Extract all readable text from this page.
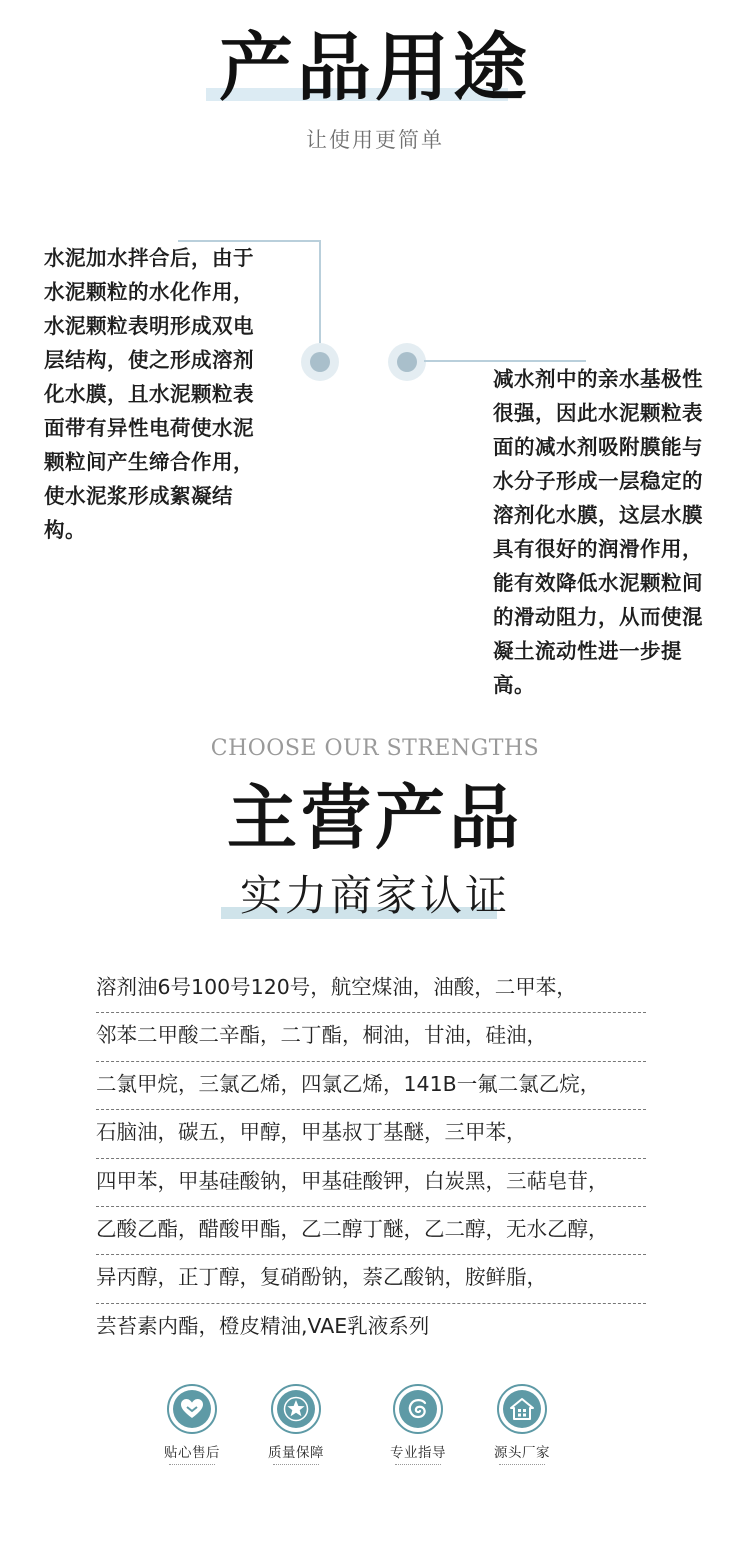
产品用途
让使用更简单
水泥加水拌合后，由于水泥颗粒的水化作用，水泥颗粒表明形成双电层结构，使之形成溶剂化水膜，且水泥颗粒表面带有异性电荷使水泥颗粒间产生缔合作用，使水泥浆形成絮凝结构。
减水剂中的亲水基极性很强，因此水泥颗粒表面的减水剂吸附膜能与水分子形成一层稳定的溶剂化水膜，这层水膜具有很好的润滑作用，能有效降低水泥颗粒间的滑动阻力，从而使混凝土流动性进一步提高。
CHOOSE OUR STRENGTHS
主营产品
实力商家认证
溶剂油6号100号120号，航空煤油，油酸，二甲苯，
邻苯二甲酸二辛酯，二丁酯，桐油，甘油，硅油，
二氯甲烷，三氯乙烯，四氯乙烯，141B一氟二氯乙烷，
石脑油，碳五，甲醇，甲基叔丁基醚，三甲苯，
四甲苯，甲基硅酸钠，甲基硅酸钾，白炭黑，三萜皂苷，
乙酸乙酯，醋酸甲酯，乙二醇丁醚，乙二醇，无水乙醇，
异丙醇，正丁醇，复硝酚钠，萘乙酸钠，胺鲜脂，
芸苔素内酯，橙皮精油,VAE乳液系列
贴心售后	质量保障	专业指导	源头厂家
